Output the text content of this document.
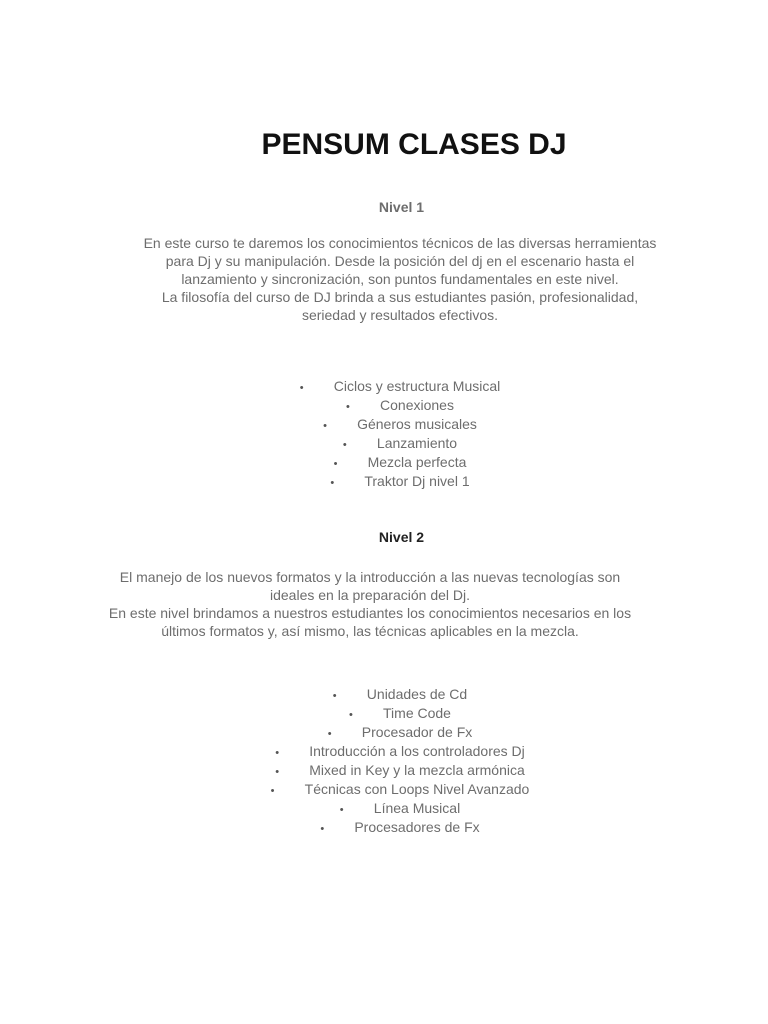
PENSUM CLASES DJ
Nivel 1

En este curso te daremos los conocimientos técnicos de las diversas herramientas para Dj y su manipulación. Desde la posición del dj en el escenario hasta el lanzamiento y sincronización, son puntos fundamentales en este nivel.

La filosofía del curso de DJ brinda a sus estudiantes pasión, profesionalidad, seriedad y resultados efectivos.

• Ciclos y estructura Musical
• Conexiones
• Géneros musicales
• Lanzamiento
• Mezcla perfecta
• Traktor Dj nivel 1
Nivel 2

El manejo de los nuevos formatos y la introducción a las nuevas tecnologías son ideales en la preparación del Dj.

En este nivel brindamos a nuestros estudiantes los conocimientos necesarios en los últimos formatos y, así mismo, las técnicas aplicables en la mezcla.

• Unidades de Cd
• Time Code
• Procesador de Fx
• Introducción a los controladores Dj
• Mixed in Key y la mezcla armónica
• Técnicas con Loops Nivel Avanzado
• Línea Musical
• Procesadores de Fx
